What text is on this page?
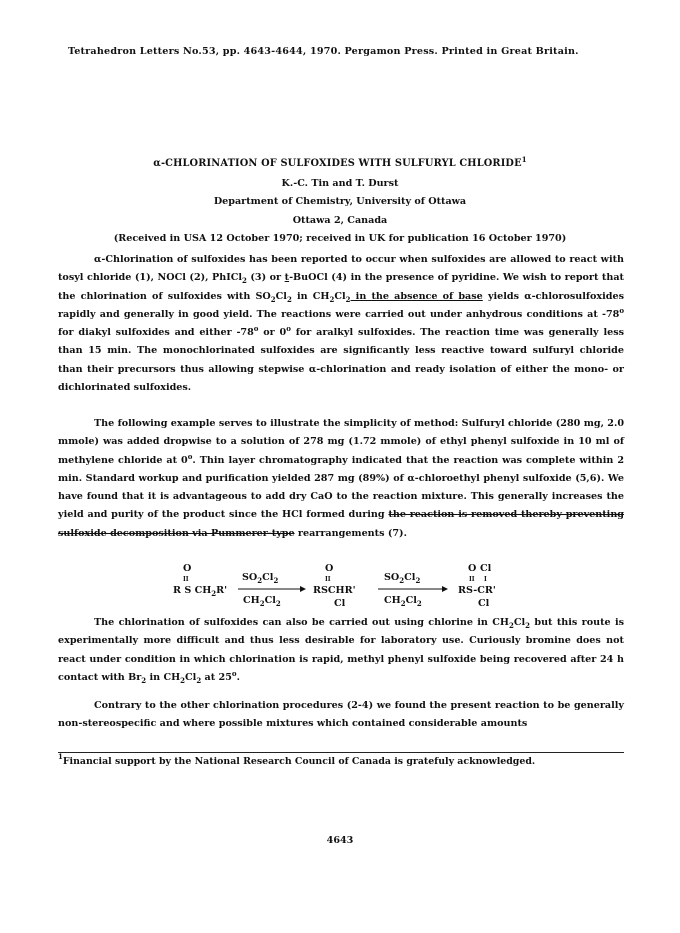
Tetrahedron Letters No.53, pp. 4643-4644, 1970. Pergamon Press. Printed in Great Britain.
α-CHLORINATION OF SULFOXIDES WITH SULFURYL CHLORIDE$^1$
K.-C. Tin and T. Durst
Department of Chemistry, University of Ottawa
Ottawa 2, Canada
(Received in USA 12 October 1970; received in UK for publication 16 October 1970)

α-Chlorination of sulfoxides has been reported to occur when sulfoxides are allowed to react with tosyl chloride (1), NOCl (2), PhICl$_2$ (3) or t-BuOCl (4) in the presence of pyridine. We wish to report that the chlorination of sulfoxides with $SO_2Cl_2$ in $CH_2Cl_2$ in the absence of base yields α-chlorosulfoxides rapidly and generally in good yield. The reactions were carried out under anhydrous conditions at -78$^o$ for diakyl sulfoxides and either -78$^o$ or 0$^o$ for aralkyl sulfoxides. The reaction time was generally less than 15 min. The monochlorinated sulfoxides are significantly less reactive toward sulfuryl chloride than their precursors thus allowing stepwise α-chlorination and ready isolation of either the mono- or dichlorinated sulfoxides.

The following example serves to illustrate the simplicity of method: Sulfuryl chloride (280 mg, 2.0 mmole) was added dropwise to a solution of 278 mg (1.72 mmole) of ethyl phenyl sulfoxide in 10 ml of methylene chloride at 0$^o$. Thin layer chromatography indicated that the reaction was complete within 2 min. Standard workup and purification yielded 287 mg (89%) of α-chloroethyl phenyl sulfoxide (5,6). We have found that it is advantageous to add dry CaO to the reaction mixture. This generally increases the yield and purity of the product since the HCl formed during the reaction is removed thereby preventing sulfoxide decomposition via Pummerer-type rearrangements (7).

O
II
R S $CH_2R'$
$SO_2Cl_2$
$CH_2Cl_2$
O
II
RSCHR'
Cl
$SO_2Cl_2$
$CH_2Cl_2$
O Cl
II I
RS-CR'
Cl

The chlorination of sulfoxides can also be carried out using chlorine in $CH_2Cl_2$ but this route is experimentally more difficult and thus less desirable for laboratory use. Curiously bromine does not react under condition in which chlorination is rapid, methyl phenyl sulfoxide being recovered after 24 h contact with $Br_2$ in $CH_2Cl_2$ at 25$^o$.

Contrary to the other chlorination procedures (2-4) we found the present reaction to be generally non-stereospecific and where possible mixtures which contained considerable amounts

$^1$Financial support by the National Research Council of Canada is gratefuly acknowledged.
4643
